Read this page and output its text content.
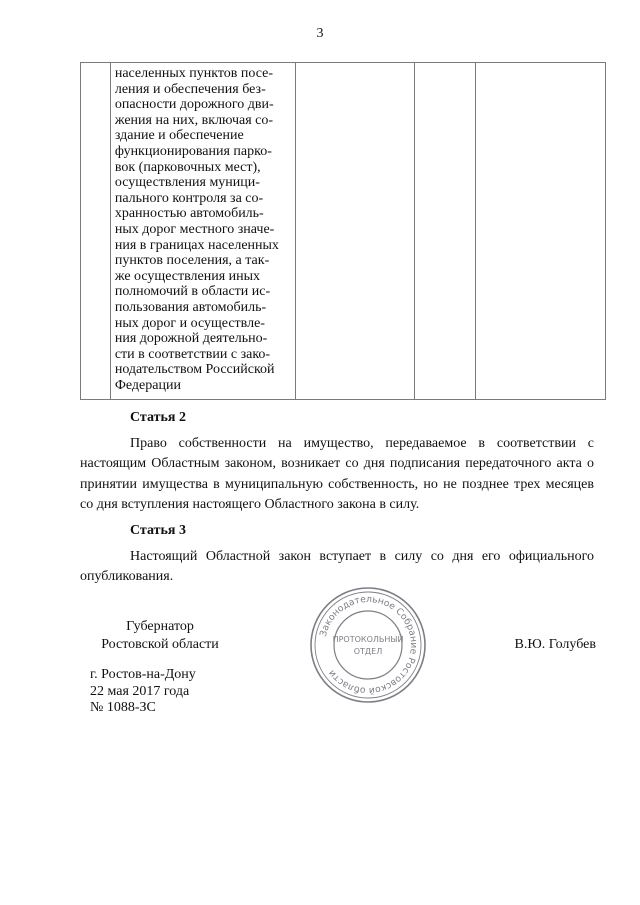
3

населенных пунктов посе-
ления и обеспечения без-
опасности дорожного дви-
жения на них, включая со-
здание и обеспечение
функционирования парко-
вок (парковочных мест),
осуществления муници-
пального контроля за со-
хранностью автомобиль-
ных дорог местного значе-
ния в границах населенных
пунктов поселения, а так-
же осуществления иных
полномочий в области ис-
пользования автомобиль-
ных дорог и осуществле-
ния дорожной деятельно-
сти в соответствии с зако-
нодательством Российской
Федерации

Статья 2

Право собственности на имущество, передаваемое в соответствии с настоящим Областным законом, возникает со дня подписания передаточного акта о принятии имущества в муниципальную собственность, но не позднее трех месяцев со дня вступления настоящего Областного закона в силу.

Статья 3

Настоящий Областной закон вступает в силу со дня его официального опубликования.

Губернатор
Ростовской области
Законодательное Собрание Ростовской области
ПРОТОКОЛЬНЫЙ
ОТДЕЛ	В.Ю. Голубев
г. Ростов-на-Дону
22 мая 2017 года
№ 1088-ЗС
